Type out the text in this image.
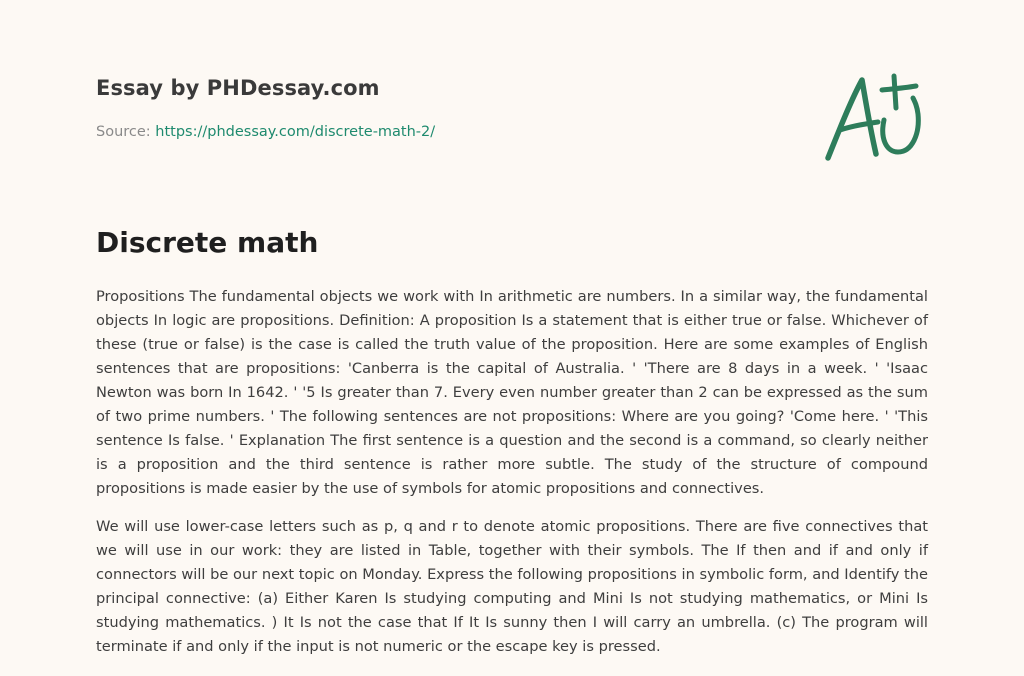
Essay by PHDessay.com
Source: https://phdessay.com/discrete-math-2/
Discrete math

Propositions The fundamental objects we work with In arithmetic are numbers. In a similar way, the fundamental objects In logic are propositions. Definition: A proposition Is a statement that is either true or false. Whichever of these (true or false) is the case is called the truth value of the proposition. Here are some examples of English sentences that are propositions: 'Canberra is the capital of Australia. ' 'There are 8 days in a week. ' 'Isaac Newton was born In 1642. ' '5 Is greater than 7. Every even number greater than 2 can be expressed as the sum of two prime numbers. ' The following sentences are not propositions: Where are you going? 'Come here. ' 'This sentence Is false. ' Explanation The first sentence is a question and the second is a command, so clearly neither is a proposition and the third sentence is rather more subtle. The study of the structure of compound propositions is made easier by the use of symbols for atomic propositions and connectives.

We will use lower-case letters such as p, q and r to denote atomic propositions. There are five connectives that we will use in our work: they are listed in Table, together with their symbols. The If then and if and only if connectors will be our next topic on Monday. Express the following propositions in symbolic form, and Identify the principal connective: (a) Either Karen Is studying computing and Mini Is not studying mathematics, or Mini Is studying mathematics. ) It Is not the case that If It Is sunny then I will carry an umbrella. (c) The program will terminate if and only if the input is not numeric or the escape key is pressed.
